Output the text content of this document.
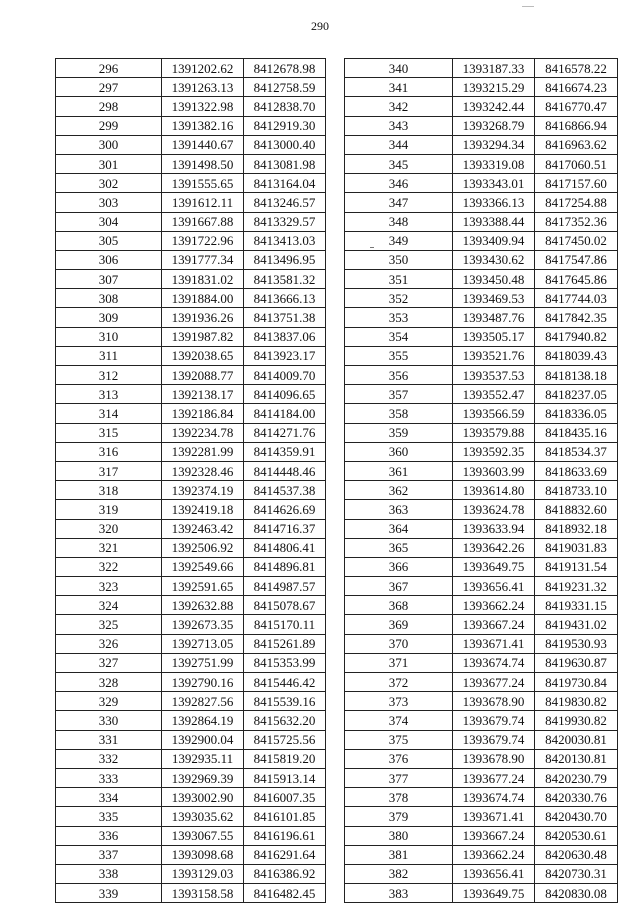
290
296	1391202.62	8412678.98
297	1391263.13	8412758.59
298	1391322.98	8412838.70
299	1391382.16	8412919.30
300	1391440.67	8413000.40
301	1391498.50	8413081.98
302	1391555.65	8413164.04
303	1391612.11	8413246.57
304	1391667.88	8413329.57
305	1391722.96	8413413.03
306	1391777.34	8413496.95
307	1391831.02	8413581.32
308	1391884.00	8413666.13
309	1391936.26	8413751.38
310	1391987.82	8413837.06
311	1392038.65	8413923.17
312	1392088.77	8414009.70
313	1392138.17	8414096.65
314	1392186.84	8414184.00
315	1392234.78	8414271.76
316	1392281.99	8414359.91
317	1392328.46	8414448.46
318	1392374.19	8414537.38
319	1392419.18	8414626.69
320	1392463.42	8414716.37
321	1392506.92	8414806.41
322	1392549.66	8414896.81
323	1392591.65	8414987.57
324	1392632.88	8415078.67
325	1392673.35	8415170.11
326	1392713.05	8415261.89
327	1392751.99	8415353.99
328	1392790.16	8415446.42
329	1392827.56	8415539.16
330	1392864.19	8415632.20
331	1392900.04	8415725.56
332	1392935.11	8415819.20
333	1392969.39	8415913.14
334	1393002.90	8416007.35
335	1393035.62	8416101.85
336	1393067.55	8416196.61
337	1393098.68	8416291.64
338	1393129.03	8416386.92
339	1393158.58	8416482.45
340	1393187.33	8416578.22
341	1393215.29	8416674.23
342	1393242.44	8416770.47
343	1393268.79	8416866.94
344	1393294.34	8416963.62
345	1393319.08	8417060.51
346	1393343.01	8417157.60
347	1393366.13	8417254.88
348	1393388.44	8417352.36
349	1393409.94	8417450.02
350	1393430.62	8417547.86
351	1393450.48	8417645.86
352	1393469.53	8417744.03
353	1393487.76	8417842.35
354	1393505.17	8417940.82
355	1393521.76	8418039.43
356	1393537.53	8418138.18
357	1393552.47	8418237.05
358	1393566.59	8418336.05
359	1393579.88	8418435.16
360	1393592.35	8418534.37
361	1393603.99	8418633.69
362	1393614.80	8418733.10
363	1393624.78	8418832.60
364	1393633.94	8418932.18
365	1393642.26	8419031.83
366	1393649.75	8419131.54
367	1393656.41	8419231.32
368	1393662.24	8419331.15
369	1393667.24	8419431.02
370	1393671.41	8419530.93
371	1393674.74	8419630.87
372	1393677.24	8419730.84
373	1393678.90	8419830.82
374	1393679.74	8419930.82
375	1393679.74	8420030.81
376	1393678.90	8420130.81
377	1393677.24	8420230.79
378	1393674.74	8420330.76
379	1393671.41	8420430.70
380	1393667.24	8420530.61
381	1393662.24	8420630.48
382	1393656.41	8420730.31
383	1393649.75	8420830.08
